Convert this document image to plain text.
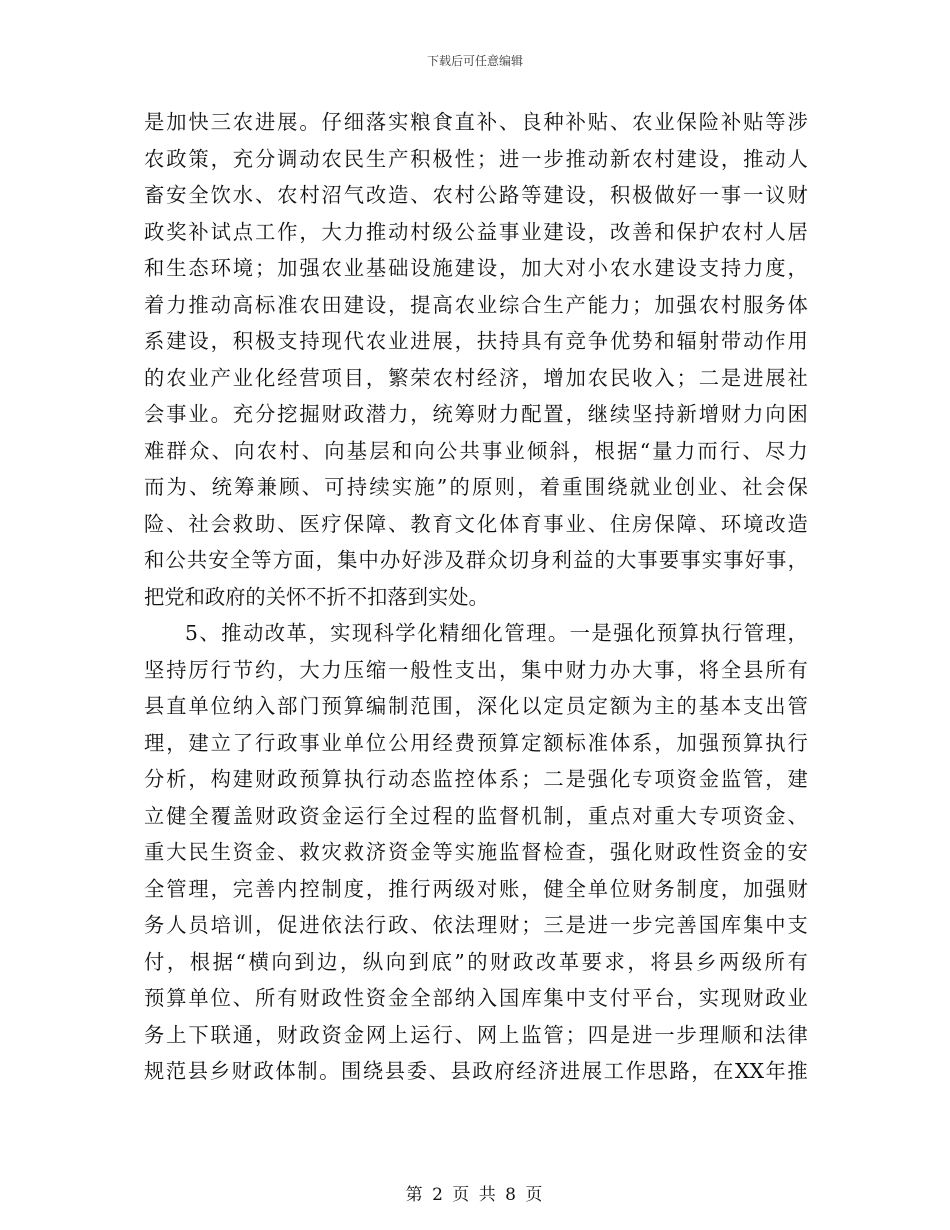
下载后可任意编辑
是 加 快 三 农 进 展 。 仔 细 落 实 粮 食 直 补 、 良 种 补 贴 、 农 业 保 险 补 贴 等 涉
农 政 策 ， 充 分 调 动 农 民 生 产 积 极 性 ； 进 一 步 推 动 新 农 村 建 设 ， 推 动 人
畜 安 全 饮 水 、 农 村 沼 气 改 造 、 农 村 公 路 等 建 设 ， 积 极 做 好 一 事 一 议 财
政 奖 补 试 点 工 作 ， 大 力 推 动 村 级 公 益 事 业 建 设 ， 改 善 和 保 护 农 村 人 居
和 生 态 环 境 ； 加 强 农 业 基 础 设 施 建 设 ， 加 大 对 小 农 水 建 设 支 持 力 度 ，
着 力 推 动 高 标 准 农 田 建 设 ， 提 高 农 业 综 合 生 产 能 力 ； 加 强 农 村 服 务 体
系 建 设 ， 积 极 支 持 现 代 农 业 进 展 ， 扶 持 具 有 竞 争 优 势 和 辐 射 带 动 作 用
的 农 业 产 业 化 经 营 项 目 ， 繁 荣 农 村 经 济 ， 增 加 农 民 收 入 ； 二 是 进 展 社
会 事 业 。 充 分 挖 掘 财 政 潜 力 ， 统 筹 财 力 配 置 ， 继 续 坚 持 新 增 财 力 向 困
难 群 众 、 向 农 村 、 向 基 层 和 向 公 共 事 业 倾 斜 ， 根 据 “ 量 力 而 行 、 尽 力
而 为 、 统 筹 兼 顾 、 可 持 续 实 施 ” 的 原 则 ， 着 重 围 绕 就 业 创 业 、 社 会 保
险 、 社 会 救 助 、 医 疗 保 障 、 教 育 文 化 体 育 事 业 、 住 房 保 障 、 环 境 改 造
和 公 共 安 全 等 方 面 ， 集 中 办 好 涉 及 群 众 切 身 利 益 的 大 事 要 事 实 事 好 事 ，
把党和政府的关怀不折不扣落到实处。
5 、 推 动 改 革 ， 实 现 科 学 化 精 细 化 管 理 。 一 是 强 化 预 算 执 行 管 理 ，
坚 持 厉 行 节 约 ， 大 力 压 缩 一 般 性 支 出 ， 集 中 财 力 办 大 事 ， 将 全 县 所 有
县 直 单 位 纳 入 部 门 预 算 编 制 范 围 ， 深 化 以 定 员 定 额 为 主 的 基 本 支 出 管
理 ， 建 立 了 行 政 事 业 单 位 公 用 经 费 预 算 定 额 标 准 体 系 ， 加 强 预 算 执 行
分 析 ， 构 建 财 政 预 算 执 行 动 态 监 控 体 系 ； 二 是 强 化 专 项 资 金 监 管 ， 建
立 健 全 覆 盖 财 政 资 金 运 行 全 过 程 的 监 督 机 制 ， 重 点 对 重 大 专 项 资 金 、
重 大 民 生 资 金 、 救 灾 救 济 资 金 等 实 施 监 督 检 查 ， 强 化 财 政 性 资 金 的 安
全 管 理 ， 完 善 内 控 制 度 ， 推 行 两 级 对 账 ， 健 全 单 位 财 务 制 度 ， 加 强 财
务 人 员 培 训 ， 促 进 依 法 行 政 、 依 法 理 财 ； 三 是 进 一 步 完 善 国 库 集 中 支
付 ， 根 据 “ 横 向 到 边 ， 纵 向 到 底 ” 的 财 政 改 革 要 求 ， 将 县 乡 两 级 所 有
预 算 单 位 、 所 有 财 政 性 资 金 全 部 纳 入 国 库 集 中 支 付 平 台 ， 实 现 财 政 业
务 上 下 联 通 ， 财 政 资 金 网 上 运 行 、 网 上 监 管 ； 四 是 进 一 步 理 顺 和 法 律
规 范 县 乡 财 政 体 制 。 围 绕 县 委 、 县 政 府 经 济 进 展 工 作 思 路 ， 在 XX 年 推
第 2 页 共 8 页
